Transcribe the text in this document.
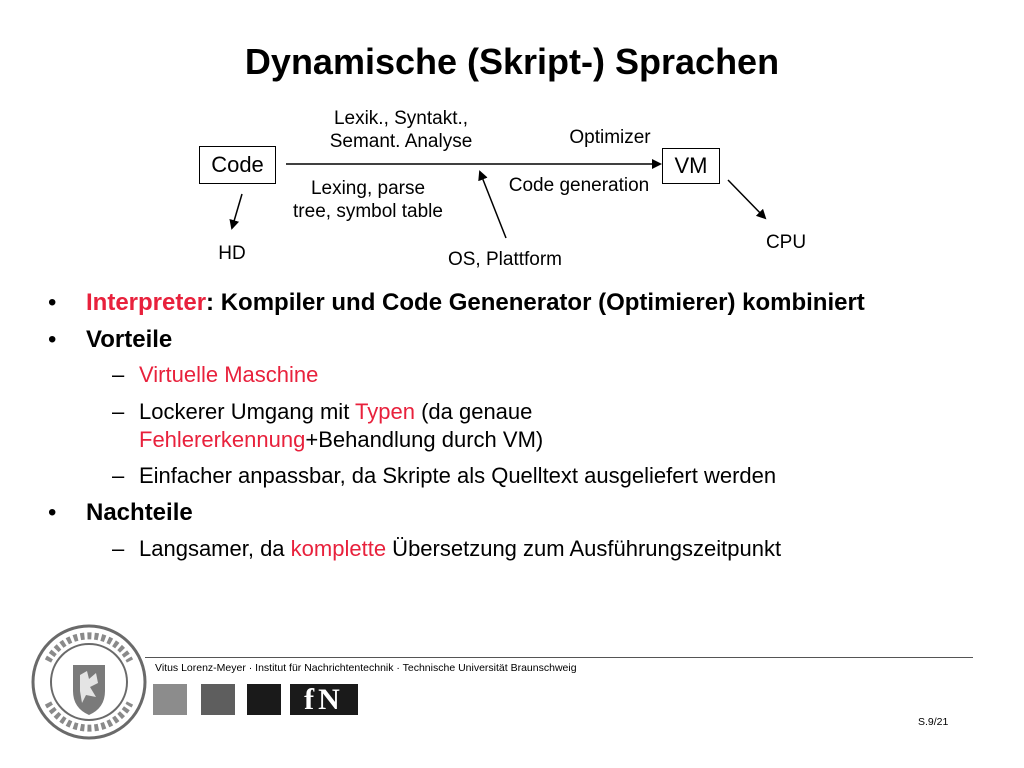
Dynamische (Skript-) Sprachen
Code	VM
Lexik., Syntakt.,
Semant. Analyse
Lexing, parse
tree, symbol table
Optimizer
Code generation
HD	OS, Plattform
CPU
• Interpreter: Kompiler und Code Genenerator (Optimierer) kombiniert
• Vorteile
– Virtuelle Maschine
– Lockerer Umgang mit Typen (da genaue
Fehlererkennung+Behandlung durch VM)
– Einfacher anpassbar, da Skripte als Quelltext ausgeliefert werden
• Nachteile
– Langsamer, da komplette Übersetzung zum Ausführungszeitpunkt
Vitus Lorenz-Meyer · Institut für Nachrichtentechnik · Technische Universität Braunschweig
fN
S.9/21
